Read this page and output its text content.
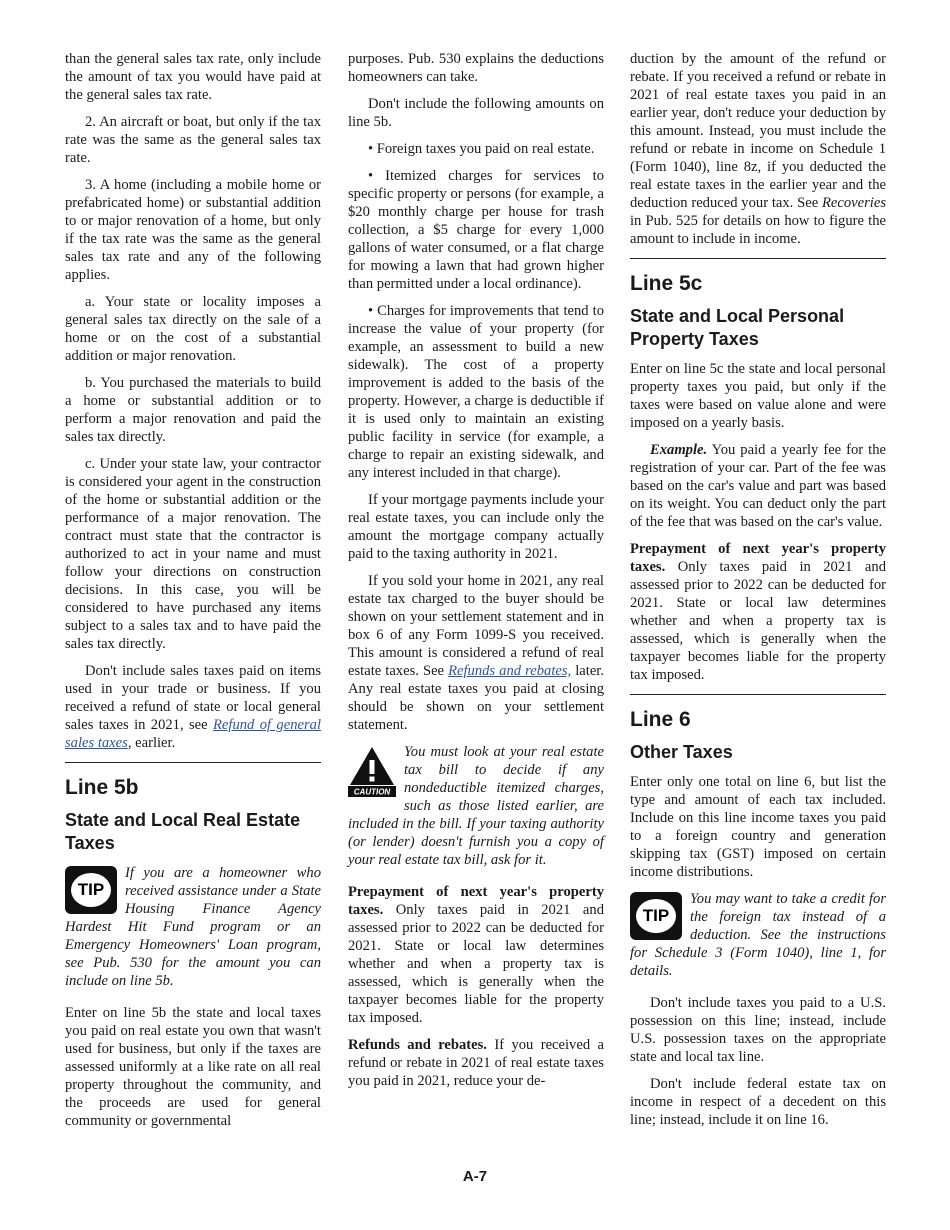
than the general sales tax rate, only include the amount of tax you would have paid at the general sales tax rate.

2. An aircraft or boat, but only if the tax rate was the same as the general sales tax rate.

3. A home (including a mobile home or prefabricated home) or substantial addition to or major renovation of a home, but only if the tax rate was the same as the general sales tax rate and any of the following applies.

a. Your state or locality imposes a general sales tax directly on the sale of a home or on the cost of a substantial addition or major renovation.

b. You purchased the materials to build a home or substantial addition or to perform a major renovation and paid the sales tax directly.

c. Under your state law, your contractor is considered your agent in the construction of the home or substantial addition or the performance of a major renovation. The contract must state that the contractor is authorized to act in your name and must follow your directions on construction decisions. In this case, you will be considered to have purchased any items subject to a sales tax and to have paid the sales tax directly.

Don't include sales taxes paid on items used in your trade or business. If you received a refund of state or local general sales taxes in 2021, see Refund of general sales taxes, earlier.

Line 5b
State and Local Real Estate Taxes
TIP
If you are a homeowner who received assistance under a State Housing Finance Agency Hardest Hit Fund program or an Emergency Homeowners' Loan program, see Pub. 530 for the amount you can include on line 5b.

Enter on line 5b the state and local taxes you paid on real estate you own that wasn't used for business, but only if the taxes are assessed uniformly at a like rate on all real property throughout the community, and the proceeds are used for general community or governmental

purposes. Pub. 530 explains the deductions homeowners can take.

Don't include the following amounts on line 5b.

• Foreign taxes you paid on real estate.

• Itemized charges for services to specific property or persons (for example, a $20 monthly charge per house for trash collection, a $5 charge for every 1,000 gallons of water consumed, or a flat charge for mowing a lawn that had grown higher than permitted under a local ordinance).

• Charges for improvements that tend to increase the value of your property (for example, an assessment to build a new sidewalk). The cost of a property improvement is added to the basis of the property. However, a charge is deductible if it is used only to maintain an existing public facility in service (for example, a charge to repair an existing sidewalk, and any interest included in that charge).

If your mortgage payments include your real estate taxes, you can include only the amount the mortgage company actually paid to the taxing authority in 2021.

If you sold your home in 2021, any real estate tax charged to the buyer should be shown on your settlement statement and in box 6 of any Form 1099-S you received. This amount is considered a refund of real estate taxes. See Refunds and rebates, later. Any real estate taxes you paid at closing should be shown on your settlement statement.

CAUTION
You must look at your real estate tax bill to decide if any nondeductible itemized charges, such as those listed earlier, are included in the bill. If your taxing authority (or lender) doesn't furnish you a copy of your real estate tax bill, ask for it.

Prepayment of next year's property taxes. Only taxes paid in 2021 and assessed prior to 2022 can be deducted for 2021. State or local law determines whether and when a property tax is assessed, which is generally when the taxpayer becomes liable for the property tax imposed.

Refunds and rebates. If you received a refund or rebate in 2021 of real estate taxes you paid in 2021, reduce your de-

duction by the amount of the refund or rebate. If you received a refund or rebate in 2021 of real estate taxes you paid in an earlier year, don't reduce your deduction by this amount. Instead, you must include the refund or rebate in income on Schedule 1 (Form 1040), line 8z, if you deducted the real estate taxes in the earlier year and the deduction reduced your tax. See Recoveries in Pub. 525 for details on how to figure the amount to include in income.

Line 5c
State and Local Personal Property Taxes

Enter on line 5c the state and local personal property taxes you paid, but only if the taxes were based on value alone and were imposed on a yearly basis.

Example. You paid a yearly fee for the registration of your car. Part of the fee was based on the car's value and part was based on its weight. You can deduct only the part of the fee that was based on the car's value.

Prepayment of next year's property taxes. Only taxes paid in 2021 and assessed prior to 2022 can be deducted for 2021. State or local law determines whether and when a property tax is assessed, which is generally when the taxpayer becomes liable for the property tax imposed.

Line 6
Other Taxes

Enter only one total on line 6, but list the type and amount of each tax included. Include on this line income taxes you paid to a foreign country and generation skipping tax (GST) imposed on certain income distributions.

TIP
You may want to take a credit for the foreign tax instead of a deduction. See the instructions for Schedule 3 (Form 1040), line 1, for details.

Don't include taxes you paid to a U.S. possession on this line; instead, include U.S. possession taxes on the appropriate state and local tax line.

Don't include federal estate tax on income in respect of a decedent on this line; instead, include it on line 16.

A-7
